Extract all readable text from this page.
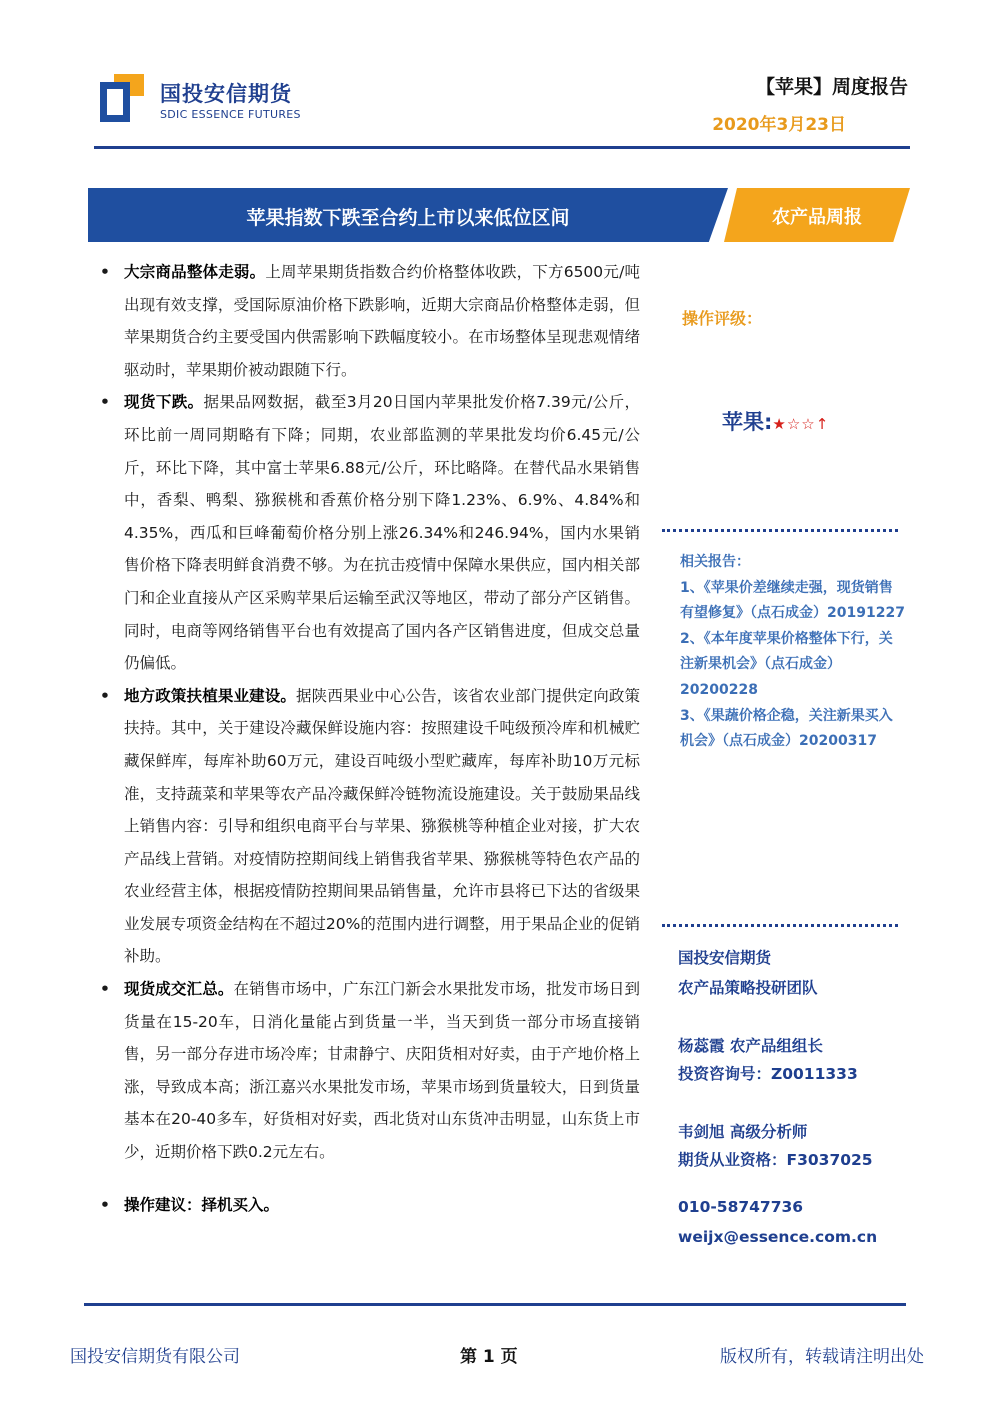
国投安信期货
SDIC ESSENCE FUTURES
【苹果】周度报告
2020年3月23日
苹果指数下跌至合约上市以来低位区间	农产品周报
• 大宗商品整体走弱。上周苹果期货指数合约价格整体收跌，下方6500元/吨出现有效支撑，受国际原油价格下跌影响，近期大宗商品价格整体走弱，但苹果期货合约主要受国内供需影响下跌幅度较小。在市场整体呈现悲观情绪驱动时，苹果期价被动跟随下行。
• 现货下跌。据果品网数据，截至3月20日国内苹果批发价格7.39元/公斤，环比前一周同期略有下降；同期，农业部监测的苹果批发均价6.45元/公斤，环比下降，其中富士苹果6.88元/公斤，环比略降。在替代品水果销售中，香梨、鸭梨、猕猴桃和香蕉价格分别下降1.23%、6.9%、4.84%和4.35%，西瓜和巨峰葡萄价格分别上涨26.34%和246.94%，国内水果销售价格下降表明鲜食消费不够。为在抗击疫情中保障水果供应，国内相关部门和企业直接从产区采购苹果后运输至武汉等地区，带动了部分产区销售。同时，电商等网络销售平台也有效提高了国内各产区销售进度，但成交总量仍偏低。
• 地方政策扶植果业建设。据陕西果业中心公告，该省农业部门提供定向政策扶持。其中，关于建设冷藏保鲜设施内容：按照建设千吨级预冷库和机械贮藏保鲜库，每库补助60万元，建设百吨级小型贮藏库，每库补助10万元标准，支持蔬菜和苹果等农产品冷藏保鲜冷链物流设施建设。关于鼓励果品线上销售内容：引导和组织电商平台与苹果、猕猴桃等种植企业对接，扩大农产品线上营销。对疫情防控期间线上销售我省苹果、猕猴桃等特色农产品的农业经营主体，根据疫情防控期间果品销售量，允许市县将已下达的省级果业发展专项资金结构在不超过20%的范围内进行调整，用于果品企业的促销补助。
• 现货成交汇总。在销售市场中，广东江门新会水果批发市场，批发市场日到货量在15-20车，日消化量能占到货量一半，当天到货一部分市场直接销售，另一部分存进市场冷库；甘肃静宁、庆阳货相对好卖，由于产地价格上涨，导致成本高；浙江嘉兴水果批发市场，苹果市场到货量较大，日到货量基本在20-40多车，好货相对好卖，西北货对山东货冲击明显，山东货上市少，近期价格下跌0.2元左右。
• 操作建议：择机买入。
操作评级：
苹果:★☆☆↑
相关报告：
1、《苹果价差继续走强，现货销售有望修复》（点石成金）20191227
2、《本年度苹果价格整体下行，关注新果机会》（点石成金）20200228
3、《果蔬价格企稳，关注新果买入机会》（点石成金）20200317
国投安信期货
农产品策略投研团队
杨蕊霞 农产品组组长
投资咨询号：Z0011333
韦剑旭 高级分析师
期货从业资格：F3037025
010-58747736
weijx@essence.com.cn
国投安信期货有限公司	第 1 页	版权所有，转载请注明出处
